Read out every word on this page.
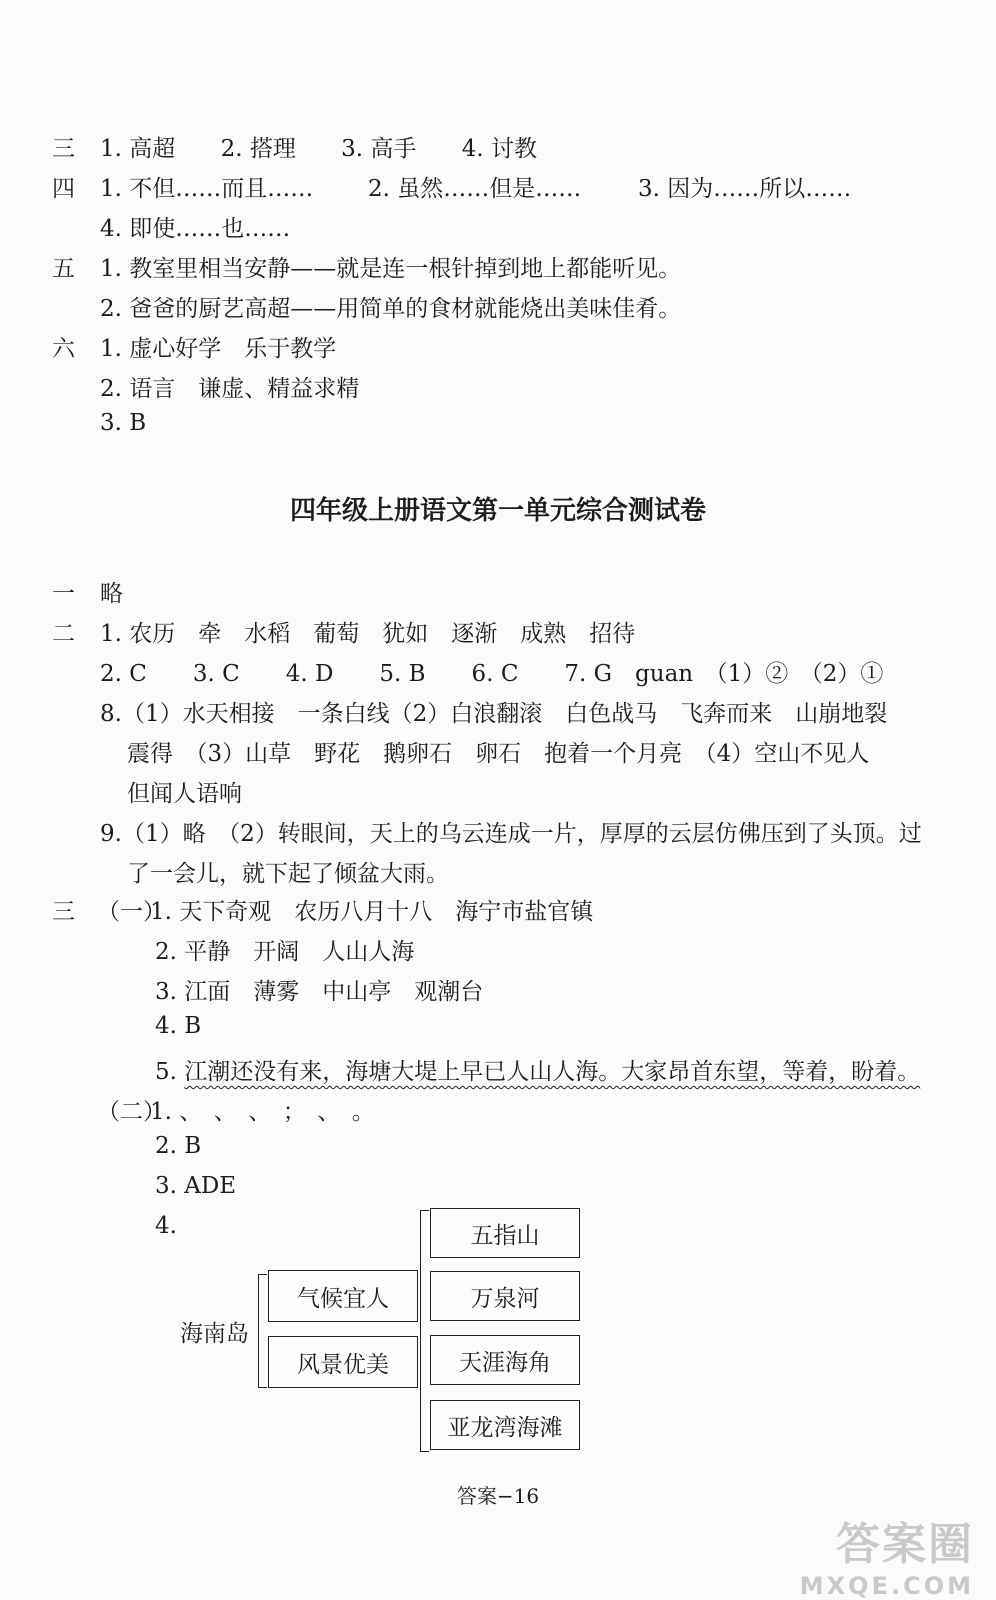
三 1. 高超 2. 搭理 3. 高手 4. 讨教
四 1. 不但……而且…… 2. 虽然……但是…… 3. 因为……所以……
4. 即使……也……
五 1. 教室里相当安静——就是连一根针掉到地上都能听见。
2. 爸爸的厨艺高超——用简单的食材就能烧出美味佳肴。
六 1. 虚心好学　乐于教学
2. 语言　谦虚、精益求精
3. B
四年级上册语文第一单元综合测试卷
一 略
二 1. 农历　牵　水稻　葡萄　犹如　逐渐　成熟　招待
2. C　　3. C　　4. D　　5. B　　6. C　　7. G　guan　（1）②　（2）①
8.（1）水天相接　一条白线（2）白浪翻滚　白色战马　飞奔而来　山崩地裂
震得　（3）山草　野花　鹅卵石　卵石　抱着一个月亮　（4）空山不见人
但闻人语响
9.（1）略　（2）转眼间，天上的乌云连成一片，厚厚的云层仿佛压到了头顶。过
了一会儿，就下起了倾盆大雨。
三 （一）
1. 天下奇观　农历八月十八　海宁市盐官镇
2. 平静　开阔　人山人海
3. 江面　薄雾　中山亭　观潮台
4. B
5. 江潮还没有来，海塘大堤上早已人山人海。大家昂首东望，等着，盼着。
（二）
1. 、　、　、　；　、　。
2. B
3. ADE
4.
海南岛
气候宜人
风景优美
五指山
万泉河
天涯海角
亚龙湾海滩
答案−16
答案圈
MXQE.COM
